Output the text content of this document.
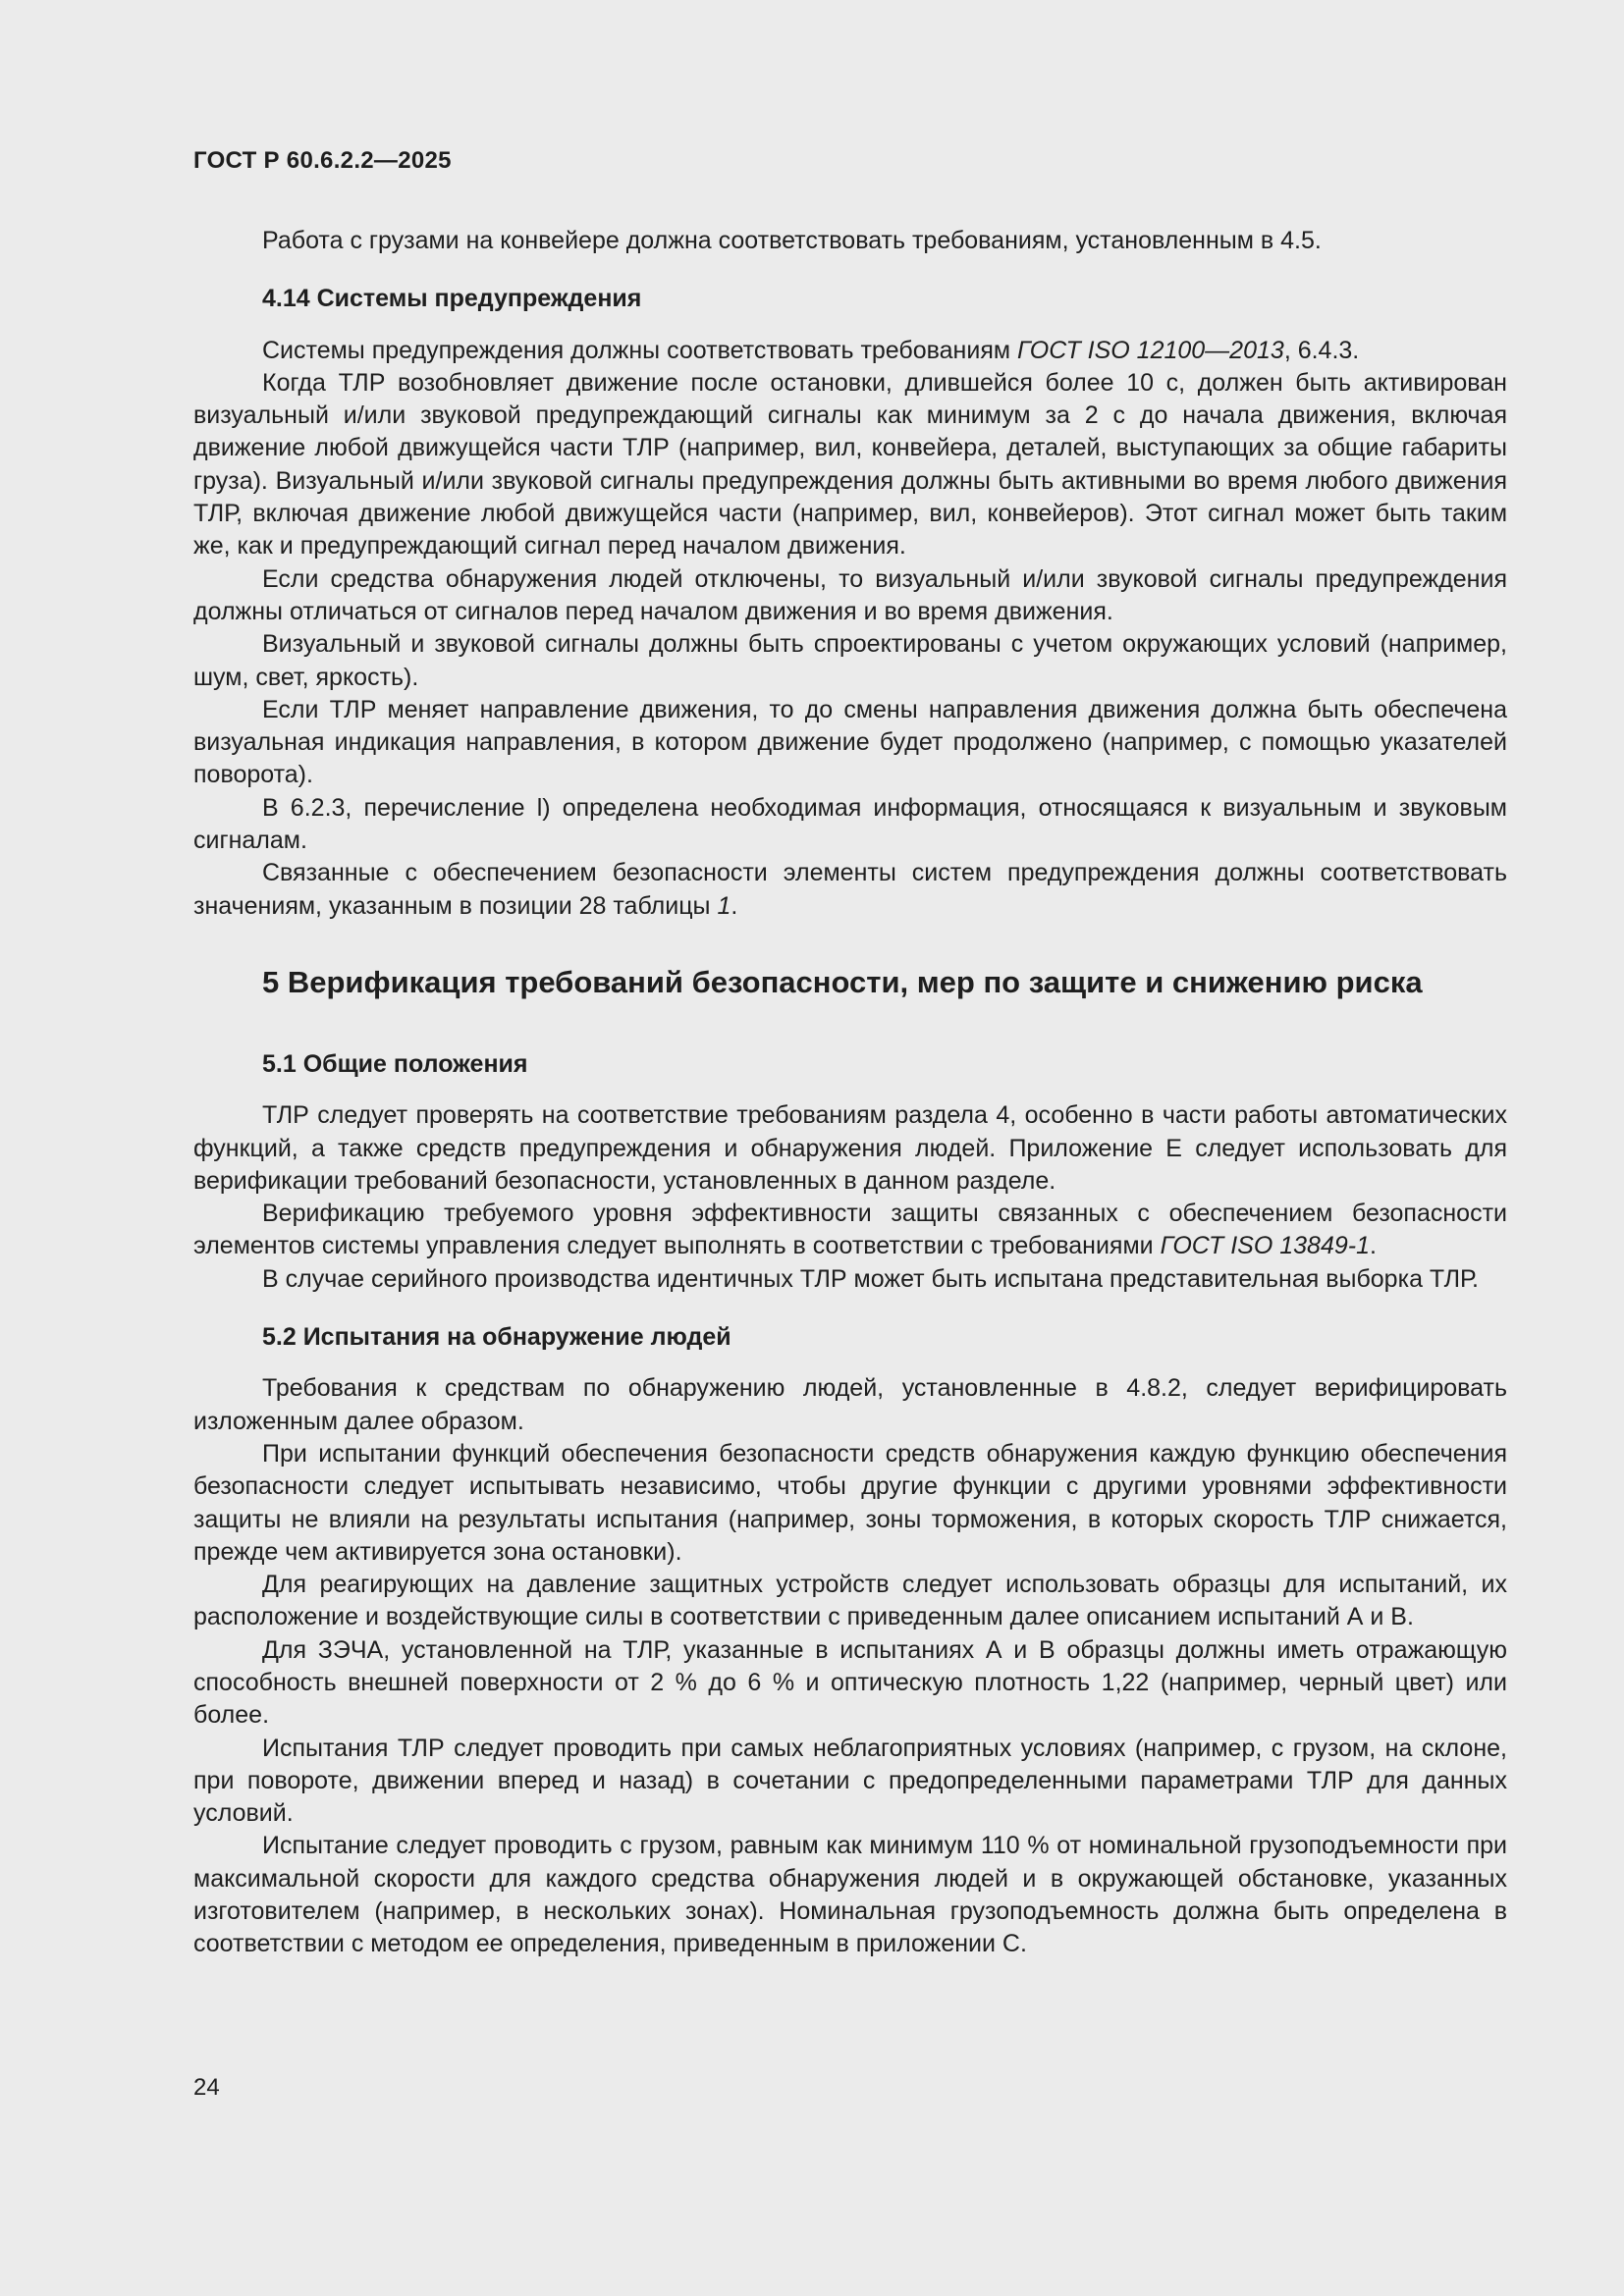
ГОСТ Р 60.6.2.2—2025

Работа с грузами на конвейере должна соответствовать требованиям, установленным в 4.5.

4.14 Системы предупреждения

Системы предупреждения должны соответствовать требованиям ГОСТ ISO 12100—2013, 6.4.3.

Когда ТЛР возобновляет движение после остановки, длившейся более 10 с, должен быть активирован визуальный и/или звуковой предупреждающий сигналы как минимум за 2 с до начала движения, включая движение любой движущейся части ТЛР (например, вил, конвейера, деталей, выступающих за общие габариты груза). Визуальный и/или звуковой сигналы предупреждения должны быть активными во время любого движения ТЛР, включая движение любой движущейся части (например, вил, конвейеров). Этот сигнал может быть таким же, как и предупреждающий сигнал перед началом движения.

Если средства обнаружения людей отключены, то визуальный и/или звуковой сигналы предупреждения должны отличаться от сигналов перед началом движения и во время движения.

Визуальный и звуковой сигналы должны быть спроектированы с учетом окружающих условий (например, шум, свет, яркость).

Если ТЛР меняет направление движения, то до смены направления движения должна быть обеспечена визуальная индикация направления, в котором движение будет продолжено (например, с помощью указателей поворота).

В 6.2.3, перечисление l) определена необходимая информация, относящаяся к визуальным и звуковым сигналам.

Связанные с обеспечением безопасности элементы систем предупреждения должны соответствовать значениям, указанным в позиции 28 таблицы 1.

5 Верификация требований безопасности, мер по защите и снижению риска
5.1 Общие положения

ТЛР следует проверять на соответствие требованиям раздела 4, особенно в части работы автоматических функций, а также средств предупреждения и обнаружения людей. Приложение Е следует использовать для верификации требований безопасности, установленных в данном разделе.

Верификацию требуемого уровня эффективности защиты связанных с обеспечением безопасности элементов системы управления следует выполнять в соответствии с требованиями ГОСТ ISO 13849-1.

В случае серийного производства идентичных ТЛР может быть испытана представительная выборка ТЛР.

5.2 Испытания на обнаружение людей

Требования к средствам по обнаружению людей, установленные в 4.8.2, следует верифицировать изложенным далее образом.

При испытании функций обеспечения безопасности средств обнаружения каждую функцию обеспечения безопасности следует испытывать независимо, чтобы другие функции с другими уровнями эффективности защиты не влияли на результаты испытания (например, зоны торможения, в которых скорость ТЛР снижается, прежде чем активируется зона остановки).

Для реагирующих на давление защитных устройств следует использовать образцы для испытаний, их расположение и воздействующие силы в соответствии с приведенным далее описанием испытаний А и В.

Для ЗЭЧА, установленной на ТЛР, указанные в испытаниях А и В образцы должны иметь отражающую способность внешней поверхности от 2 % до 6 % и оптическую плотность 1,22 (например, черный цвет) или более.

Испытания ТЛР следует проводить при самых неблагоприятных условиях (например, с грузом, на склоне, при повороте, движении вперед и назад) в сочетании с предопределенными параметрами ТЛР для данных условий.

Испытание следует проводить с грузом, равным как минимум 110 % от номинальной грузоподъемности при максимальной скорости для каждого средства обнаружения людей и в окружающей обстановке, указанных изготовителем (например, в нескольких зонах). Номинальная грузоподъемность должна быть определена в соответствии с методом ее определения, приведенным в приложении С.

24
